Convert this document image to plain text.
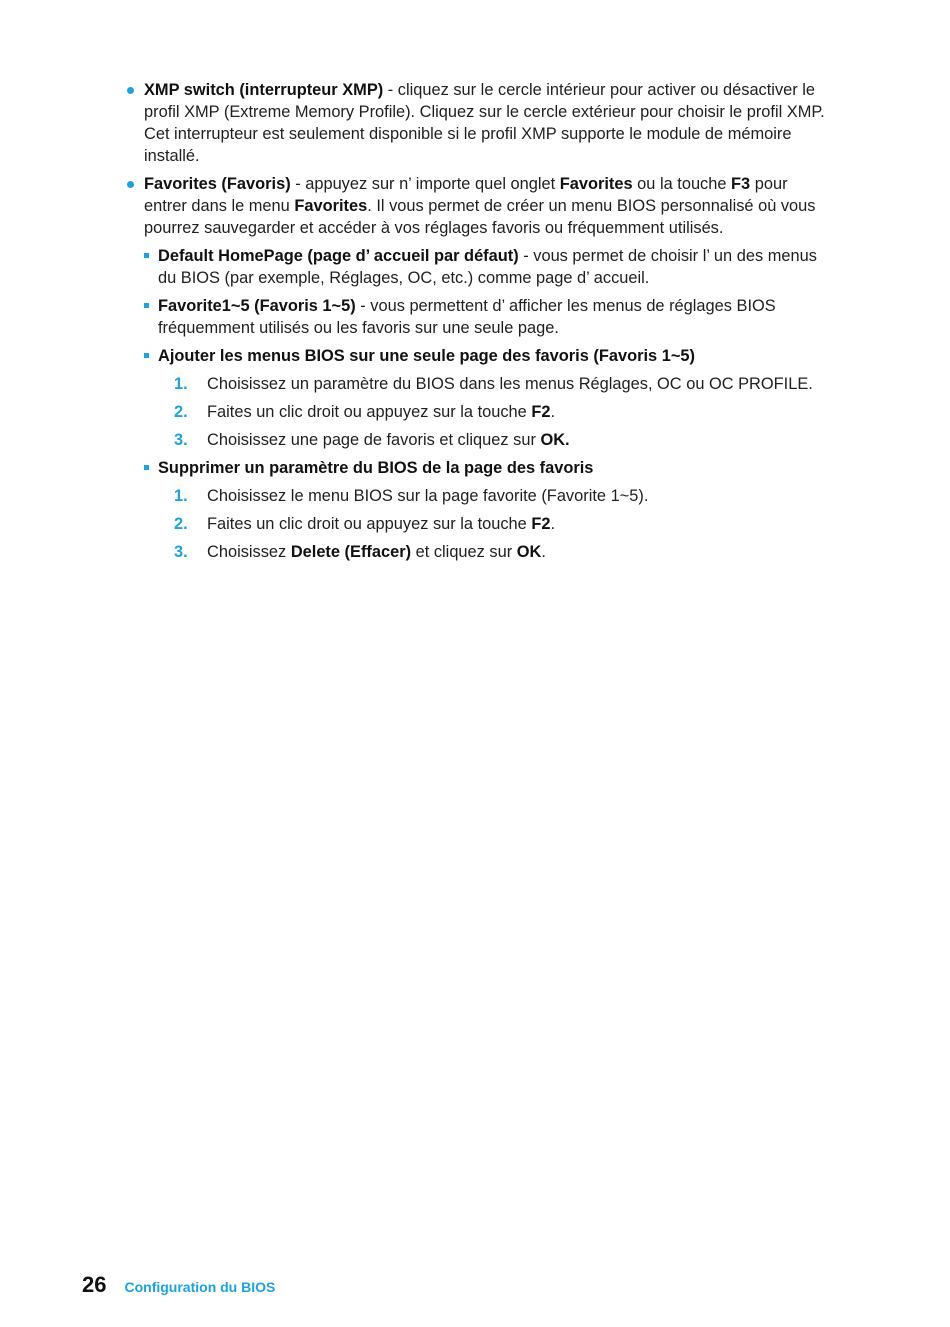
XMP switch (interrupteur XMP) - cliquez sur le cercle intérieur pour activer ou désactiver le profil XMP (Extreme Memory Profile). Cliquez sur le cercle extérieur pour choisir le profil XMP. Cet interrupteur est seulement disponible si le profil XMP supporte le module de mémoire installé.
Favorites (Favoris) - appuyez sur n’ importe quel onglet Favorites ou la touche F3 pour entrer dans le menu Favorites. Il vous permet de créer un menu BIOS personnalisé où vous pourrez sauvegarder et accéder à vos réglages favoris ou fréquemment utilisés.
Default HomePage (page d’ accueil par défaut) - vous permet de choisir l’ un des menus du BIOS (par exemple, Réglages, OC, etc.) comme page d’ accueil.
Favorite1~5 (Favoris 1~5) - vous permettent d’ afficher les menus de réglages BIOS fréquemment utilisés ou les favoris sur une seule page.
Ajouter les menus BIOS sur une seule page des favoris (Favoris 1~5)
1. Choisissez un paramètre du BIOS dans les menus Réglages, OC ou OC PROFILE.
2. Faites un clic droit ou appuyez sur la touche F2.
3. Choisissez une page de favoris et cliquez sur OK.
Supprimer un paramètre du BIOS de la page des favoris
1. Choisissez le menu BIOS sur la page favorite (Favorite 1~5).
2. Faites un clic droit ou appuyez sur la touche F2.
3. Choisissez Delete (Effacer) et cliquez sur OK.
26 Configuration du BIOS
